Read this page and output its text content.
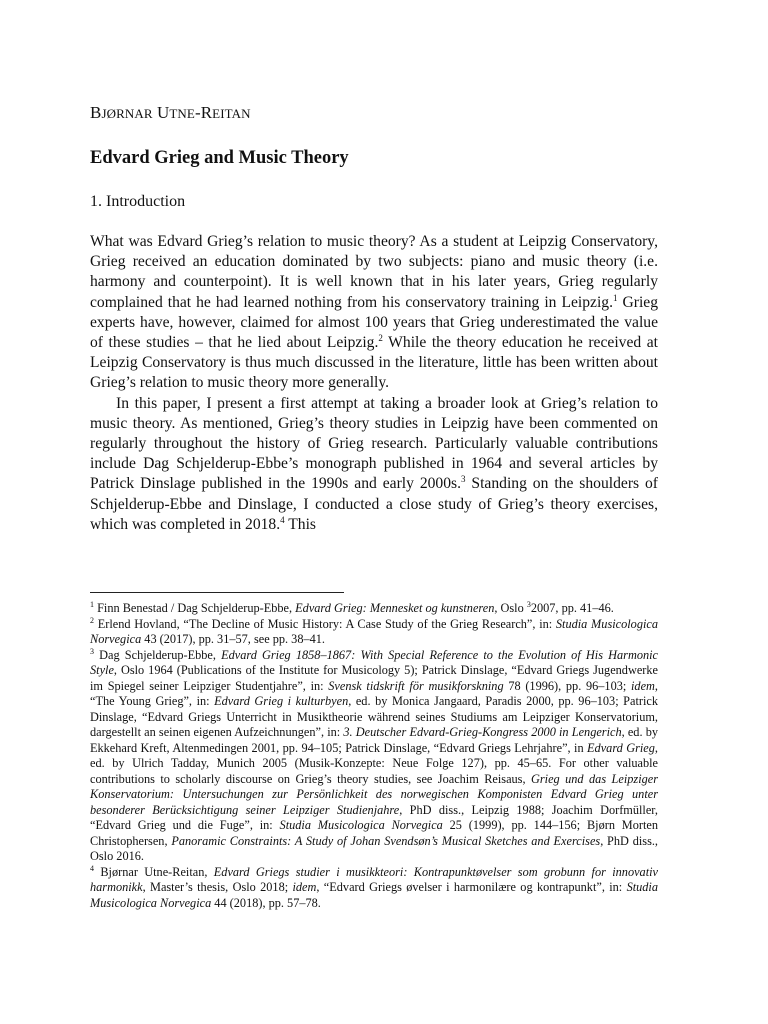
BJØRNAR UTNE-REITAN
Edvard Grieg and Music Theory
1. Introduction

What was Edvard Grieg’s relation to music theory? As a student at Leipzig Conservatory, Grieg received an education dominated by two subjects: piano and music theory (i.e. harmony and counterpoint). It is well known that in his later years, Grieg regularly complained that he had learned nothing from his conservatory training in Leipzig.$^1$ Grieg experts have, however, claimed for almost 100 years that Grieg underestimated the value of these studies – that he lied about Leipzig.$^2$ While the theory education he received at Leipzig Conservatory is thus much discussed in the literature, little has been written about Grieg’s relation to music theory more generally.

In this paper, I present a first attempt at taking a broader look at Grieg’s relation to music theory. As mentioned, Grieg’s theory studies in Leipzig have been commented on regularly throughout the history of Grieg research. Particularly valuable contributions include Dag Schjelderup-Ebbe’s monograph published in 1964 and several articles by Patrick Dinslage published in the 1990s and early 2000s.$^3$ Standing on the shoulders of Schjelderup-Ebbe and Dinslage, I conducted a close study of Grieg’s theory exercises, which was completed in 2018.$^4$ This

$^1$ Finn Benestad / Dag Schjelderup-Ebbe, Edvard Grieg: Mennesket og kunstneren, Oslo $^3$2007, pp. 41–46.

$^2$ Erlend Hovland, “The Decline of Music History: A Case Study of the Grieg Research”, in: Studia Musicologica Norvegica 43 (2017), pp. 31–57, see pp. 38–41.

$^3$ Dag Schjelderup-Ebbe, Edvard Grieg 1858–1867: With Special Reference to the Evolution of His Harmonic Style, Oslo 1964 (Publications of the Institute for Musicology 5); Patrick Dinslage, “Edvard Griegs Jugendwerke im Spiegel seiner Leipziger Studentjahre”, in: Svensk tidskrift för musikforskning 78 (1996), pp. 96–103; idem, “The Young Grieg”, in: Edvard Grieg i kulturbyen, ed. by Monica Jangaard, Paradis 2000, pp. 96–103; Patrick Dinslage, “Edvard Griegs Unterricht in Musiktheorie während seines Studiums am Leipziger Konservatorium, dargestellt an seinen eigenen Aufzeichnungen”, in: 3. Deutscher Edvard-Grieg-Kongress 2000 in Lengerich, ed. by Ekkehard Kreft, Altenmedingen 2001, pp. 94–105; Patrick Dinslage, “Edvard Griegs Lehrjahre”, in Edvard Grieg, ed. by Ulrich Tadday, Munich 2005 (Musik-Konzepte: Neue Folge 127), pp. 45–65. For other valuable contributions to scholarly discourse on Grieg’s theory studies, see Joachim Reisaus, Grieg und das Leipziger Konservatorium: Untersuchungen zur Persönlichkeit des norwegischen Komponisten Edvard Grieg unter besonderer Berücksichtigung seiner Leipziger Studienjahre, PhD diss., Leipzig 1988; Joachim Dorfmüller, “Edvard Grieg und die Fuge”, in: Studia Musicologica Norvegica 25 (1999), pp. 144–156; Bjørn Morten Christophersen, Panoramic Constraints: A Study of Johan Svendsøn’s Musical Sketches and Exercises, PhD diss., Oslo 2016.

$^4$ Bjørnar Utne-Reitan, Edvard Griegs studier i musikkteori: Kontrapunktøvelser som grobunn for innovativ harmonikk, Master’s thesis, Oslo 2018; idem, “Edvard Griegs øvelser i harmonilære og kontrapunkt”, in: Studia Musicologica Norvegica 44 (2018), pp. 57–78.
